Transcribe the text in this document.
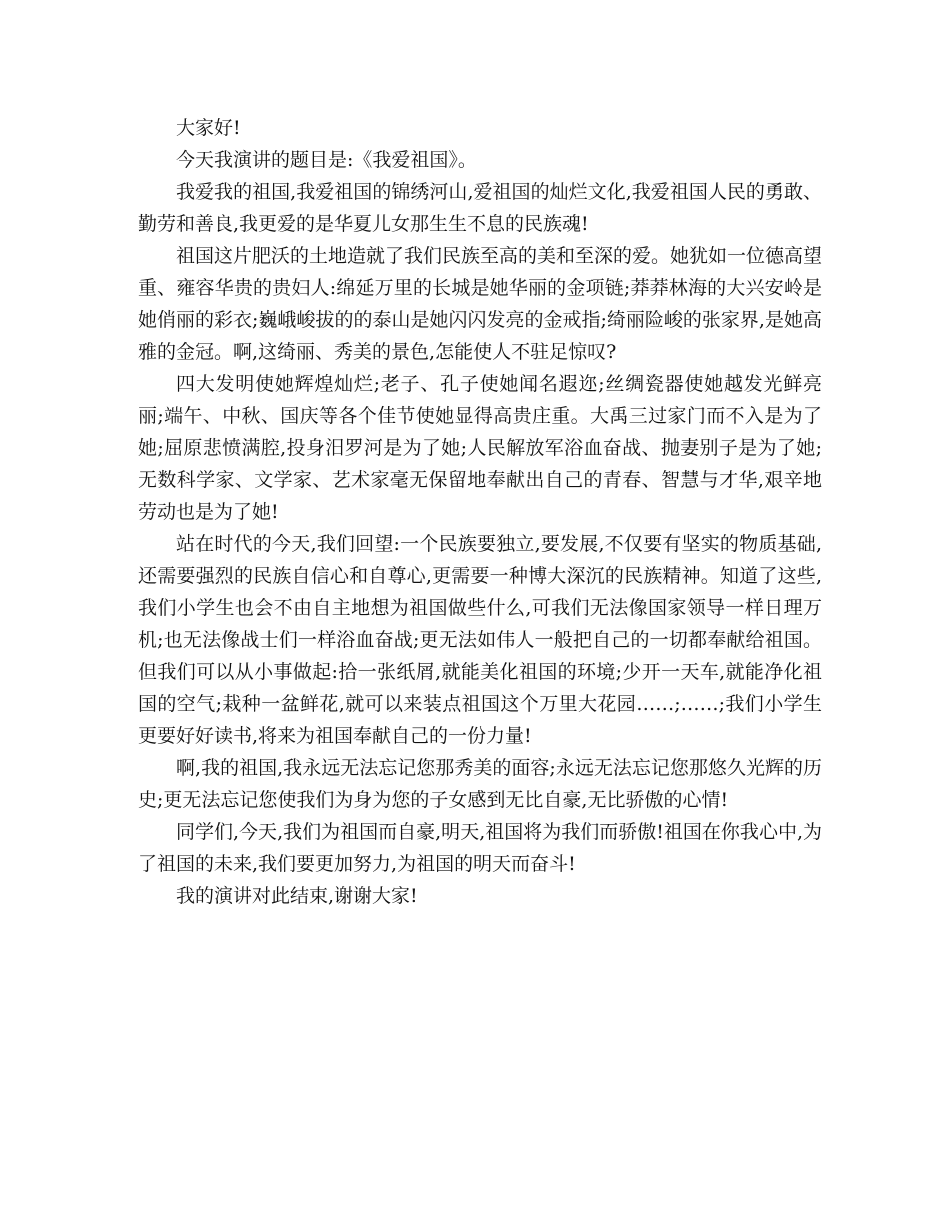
大家好!

今天我演讲的题目是:《我爱祖国》。

我爱我的祖国,我爱祖国的锦绣河山,爱祖国的灿烂文化,我爱祖国人民的勇敢、勤劳和善良,我更爱的是华夏儿女那生生不息的民族魂!

祖国这片肥沃的土地造就了我们民族至高的美和至深的爱。她犹如一位德高望重、雍容华贵的贵妇人:绵延万里的长城是她华丽的金项链;莽莽林海的大兴安岭是她俏丽的彩衣;巍峨峻拔的的泰山是她闪闪发亮的金戒指;绮丽险峻的张家界,是她高雅的金冠。啊,这绮丽、秀美的景色,怎能使人不驻足惊叹?

四大发明使她辉煌灿烂;老子、孔子使她闻名遐迩;丝绸瓷器使她越发光鲜亮丽;端午、中秋、国庆等各个佳节使她显得高贵庄重。大禹三过家门而不入是为了她;屈原悲愤满腔,投身汨罗河是为了她;人民解放军浴血奋战、抛妻别子是为了她;无数科学家、文学家、艺术家毫无保留地奉献出自己的青春、智慧与才华,艰辛地劳动也是为了她!

站在时代的今天,我们回望:一个民族要独立,要发展,不仅要有坚实的物质基础,还需要强烈的民族自信心和自尊心,更需要一种博大深沉的民族精神。知道了这些,我们小学生也会不由自主地想为祖国做些什么,可我们无法像国家领导一样日理万机;也无法像战士们一样浴血奋战;更无法如伟人一般把自己的一切都奉献给祖国。但我们可以从小事做起:拾一张纸屑,就能美化祖国的环境;少开一天车,就能净化祖国的空气;栽种一盆鲜花,就可以来装点祖国这个万里大花园……;……;我们小学生更要好好读书,将来为祖国奉献自己的一份力量!

啊,我的祖国,我永远无法忘记您那秀美的面容;永远无法忘记您那悠久光辉的历史;更无法忘记您使我们为身为您的子女感到无比自豪,无比骄傲的心情!

同学们,今天,我们为祖国而自豪,明天,祖国将为我们而骄傲!祖国在你我心中,为了祖国的未来,我们要更加努力,为祖国的明天而奋斗!

我的演讲对此结束,谢谢大家!
